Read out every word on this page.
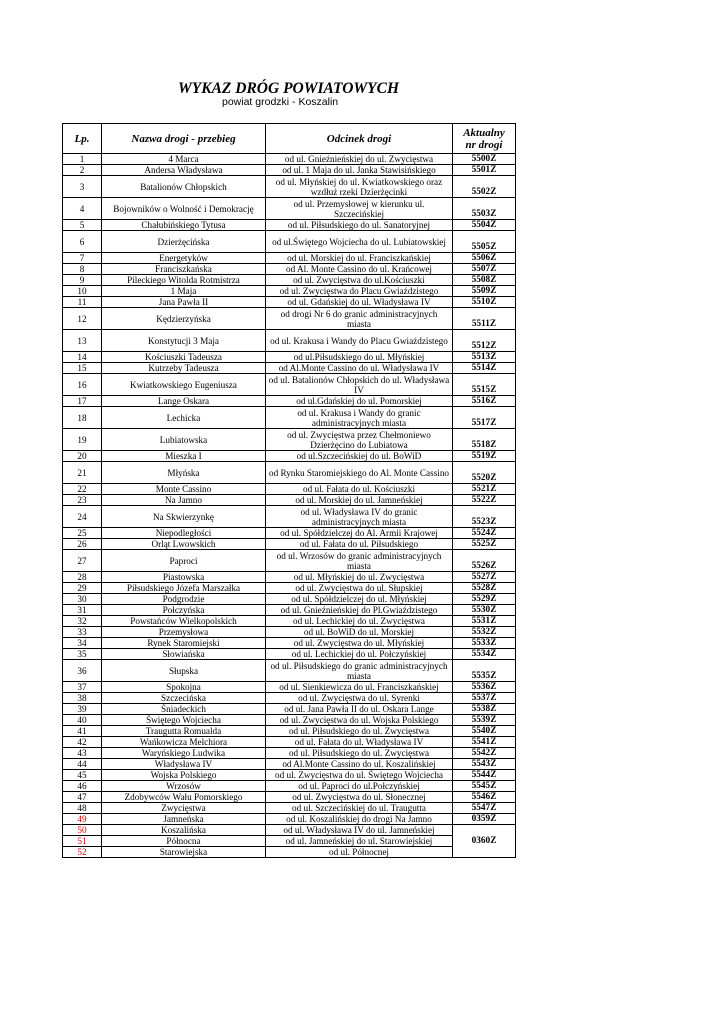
WYKAZ DRÓG POWIATOWYCH
powiat grodzki - Koszalin
Lp.	Nazwa drogi - przebieg	Odcinek drogi	Aktualny
nr drogi
1	4 Marca	od ul. Gnieźnieńskiej do ul. Zwycięstwa	5500Z
2	Andersa Władysława	od ul. 1 Maja do ul. Janka Stawisińskiego	5501Z
3	Batalionów Chłopskich	od ul. Młyńskiej do ul. Kwiatkowskiego oraz wzdłuż rzeki Dzierżęcinki	5502Z
4	Bojowników o Wolność i Demokrację	od ul. Przemysłowej w kierunku ul. Szczecińskiej	5503Z
5	Chałubińskiego Tytusa	od ul. Piłsudskiego do ul. Sanatoryjnej	5504Z
6	Dzierżęcińska	od ul.Świętego Wojciecha do ul. Lubiatowskiej	5505Z
7	Energetyków	od ul. Morskiej do ul. Franciszkańskiej	5506Z
8	Franciszkańska	od Al. Monte Cassino do ul. Krańcowej	5507Z
9	Pileckiego Witolda Rotmistrza	od ul. Zwycięstwa do ul.Kościuszki	5508Z
10	1 Maja	od ul. Zwycięstwa do Placu Gwiaździstego	5509Z
11	Jana Pawła II	od ul. Gdańskiej do ul. Władysława IV	5510Z
12	Kędzierzyńska	od drogi Nr 6 do granic administracyjnych miasta	5511Z
13	Konstytucji 3 Maja	od ul. Krakusa i Wandy do Placu Gwiaździstego	5512Z
14	Kościuszki Tadeusza	od ul.Piłsudskiego do ul. Młyńskiej	5513Z
15	Kutrzeby Tadeusza	od Al.Monte Cassino do ul. Władysława IV	5514Z
16	Kwiatkowskiego Eugeniusza	od ul. Batalionów Chłopskich do ul. Władysława IV	5515Z
17	Lange Oskara	od ul.Gdańskiej do ul. Pomorskiej	5516Z
18	Lechicka	od ul. Krakusa i Wandy do granic administracyjnych miasta	5517Z
19	Lubiatowska	od ul. Zwycięstwa przez Chełmoniewo Dzierżęcino do Lubiatowa	5518Z
20	Mieszka I	od ul.Szczecińskiej do ul. BoWiD	5519Z
21	Młyńska	od Rynku Staromiejskiego do Al. Monte Cassino	5520Z
22	Monte Cassino	od ul. Fałata do ul. Kościuszki	5521Z
23	Na Jamno	od ul. Morskiej do ul. Jamneńskiej	5522Z
24	Na Skwierzynkę	od ul. Władysława IV do granic administracyjnych miasta	5523Z
25	Niepodległości	od ul. Spółdzielczej do Al. Armii Krajowej	5524Z
26	Orląt Lwowskich	od ul. Fałata do ul. Piłsudskiego	5525Z
27	Paproci	od ul. Wrzosów do granic administracyjnych miasta	5526Z
28	Piastowska	od ul. Młyńskiej do ul. Zwycięstwa	5527Z
29	Piłsudskiego Józefa Marszałka	od ul. Zwycięstwa do ul. Słupskiej	5528Z
30	Podgrodzie	od ul. Spółdzielczej do ul. Młyńskiej	5529Z
31	Połczyńska	od ul. Gnieźnieńskiej do Pl.Gwiaździstego	5530Z
32	Powstańców Wielkopolskich	od ul. Lechickiej do ul. Zwycięstwa	5531Z
33	Przemysłowa	od ul. BoWiD do ul. Morskiej	5532Z
34	Rynek Staromiejski	od ul. Zwycięstwa do ul. Młyńskiej	5533Z
35	Słowiańska	od ul. Lechickiej do ul. Połczyńskiej	5534Z
36	Słupska	od ul. Piłsudskiego do granic administracyjnych miasta	5535Z
37	Spokojna	od ul. Sienkiewicza do ul. Franciszkańskiej	5536Z
38	Szczecińska	od ul. Zwycięstwa do ul. Syrenki	5537Z
39	Śniadeckich	od ul. Jana Pawła II do ul. Oskara Lange	5538Z
40	Świętego Wojciecha	od ul. Zwycięstwa do ul. Wojska Polskiego	5539Z
41	Traugutta Romualda	od ul. Piłsudskiego do ul. Zwycięstwa	5540Z
42	Wańkowicza Melchiora	od ul. Fałata do ul. Władysława IV	5541Z
43	Waryńskiego Ludwika	od ul. Piłsudskiego do ul. Zwycięstwa	5542Z
44	Władysława IV	od Al.Monte Cassino do ul. Koszalińskiej	5543Z
45	Wojska Polskiego	od ul. Zwycięstwa do ul. Świętego Wojciecha	5544Z
46	Wrzosów	od ul. Paproci do ul.Połczyńskiej	5545Z
47	Zdobywców Wału Pomorskiego	od ul. Zwycięstwa do ul. Słonecznej	5546Z
48	Zwycięstwa	od ul. Szczecińskiej do ul. Traugutta	5547Z
49	Jamneńska	od ul. Koszalińskiej do drogi Na Jamno	0359Z
50	Koszalińska	od ul. Władysława IV do ul. Jamneńskiej	0360Z
51	Północna	od ul. Jamneńskiej do ul. Starowiejskiej	
52	Starowiejska	od ul. Północnej	
